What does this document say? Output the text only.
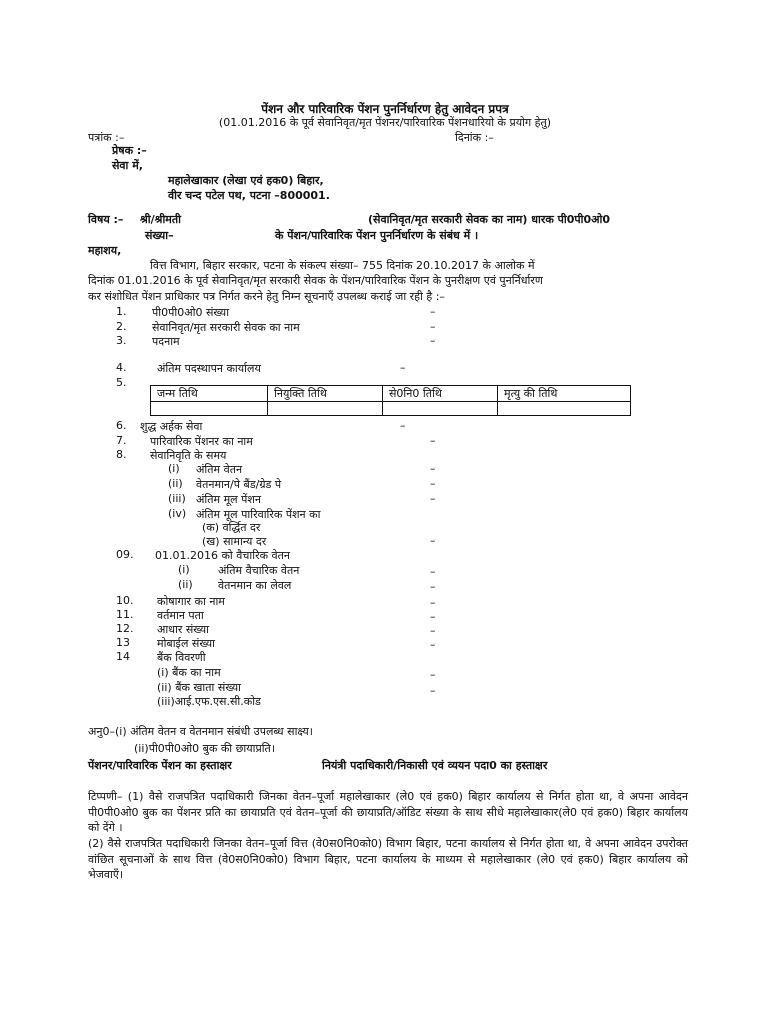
पेंशन और पारिवारिक पेंशन पुनर्निर्धारण हेतु आवेदन प्रपत्र
(01.01.2016 के पूर्व सेवानिवृत/मृत पेंशनर/पारिवारिक पेंशनधारियो के प्रयोग हेतु)
पत्रांक :–	दिनांक :–
प्रेषक :–
सेवा में,
महालेखाकार (लेखा एवं हक0) बिहार,
वीर चन्द पटेल पथ, पटना –800001.
विषय :– श्री/श्रीमती	(सेवानिवृत/मृत सरकारी सेवक का नाम) धारक पी0पी0ओ0
संख्या–	के पेंशन/पारिवारिक पेंशन पुनर्निर्धारण के संबंध में ।
महाशय,
वित्त विभाग, बिहार सरकार, पटना के संकल्प संख्या– 755 दिनांक 20.10.2017 के आलोक में
दिनांक 01.01.2016 के पूर्व सेवानिवृत/मृत सरकारी सेवक के पेंशन/पारिवारिक पेंशन के पुनरीक्षण एवं पुनर्निर्धारण
कर संशोधित पेंशन प्राधिकार पत्र निर्गत करने हेतु निम्न सूचनाएँ उपलब्ध कराई जा रही है :–
1. पी0पी0ओ0 संख्या	–
2. सेवानिवृत/मृत सरकारी सेवक का नाम	–
3. पदनाम	–
4.	अंतिम पदस्थापन कार्यालय	–
5.
जन्म तिथि	नियुक्ति तिथि	से0नि0 तिथि	मृत्यु की तिथि

6. शुद्ध अर्हक सेवा	–
7. पारिवारिक पेंशनर का नाम	–
8. सेवानिवृति के समय
(i) अंतिम वेतन	–
(ii) वेतनमान/पे बैंड/ग्रेड पे	–
(iii) अंतिम मूल पेंशन	–
(iv) अंतिम मूल पारिवारिक पेंशन का
(क) वर्द्धित दर
(ख) सामान्य दर	–
09. 01.01.2016 को वैचारिक वेतन
(i)	अंतिम वैचारिक वेतन	–
(ii) वेतनमान का लेवल	–
10. कोषागार का नाम	–
11. वर्तमान पता	–
12. आधार संख्या	–
13 मोबाईल संख्या	–
14 बैंक विवरणी
(i) बैंक का नाम	–
(ii) बैंक खाता संख्या	–
(iii)आई.एफ.एस.सी.कोड
अनु0–(i) अंतिम वेतन व वेतनमान संबंधी उपलब्ध साक्ष्य।
(ii)पी0पी0ओ0 बुक की छायाप्रति।
पेंशनर/पारिवारिक पेंशन का हस्ताक्षर	नियंत्री पदाधिकारी/निकासी एवं व्ययन पदा0 का हस्ताक्षर
टिप्पणी– (1) वैसे राजपत्रित पदाधिकारी जिनका वेतन–पूर्जा महालेखाकार (ले0 एवं हक0) बिहार कार्यालय से निर्गत होता था, वे अपना आवेदन पी0पी0ओ0 बुक का पेंशनर प्रति का छायाप्रति एवं वेतन–पूर्जा की छायाप्रति/ऑडिट संख्या के साथ सीधे महालेखाकार(ले0 एवं हक0) बिहार कार्यालय को देंगे ।
(2) वैसे राजपत्रित पदाधिकारी जिनका वेतन–पूर्जा वित्त (वे0स0नि0को0) विभाग बिहार, पटना कार्यालय से निर्गत होता था, वे अपना आवेदन उपरोक्त वांछित सूचनाओं के साथ वित्त (वे0स0नि0को0) विभाग बिहार, पटना कार्यालय के माध्यम से महालेखाकार (ले0 एवं हक0) बिहार कार्यालय को भेजवाएँ।
